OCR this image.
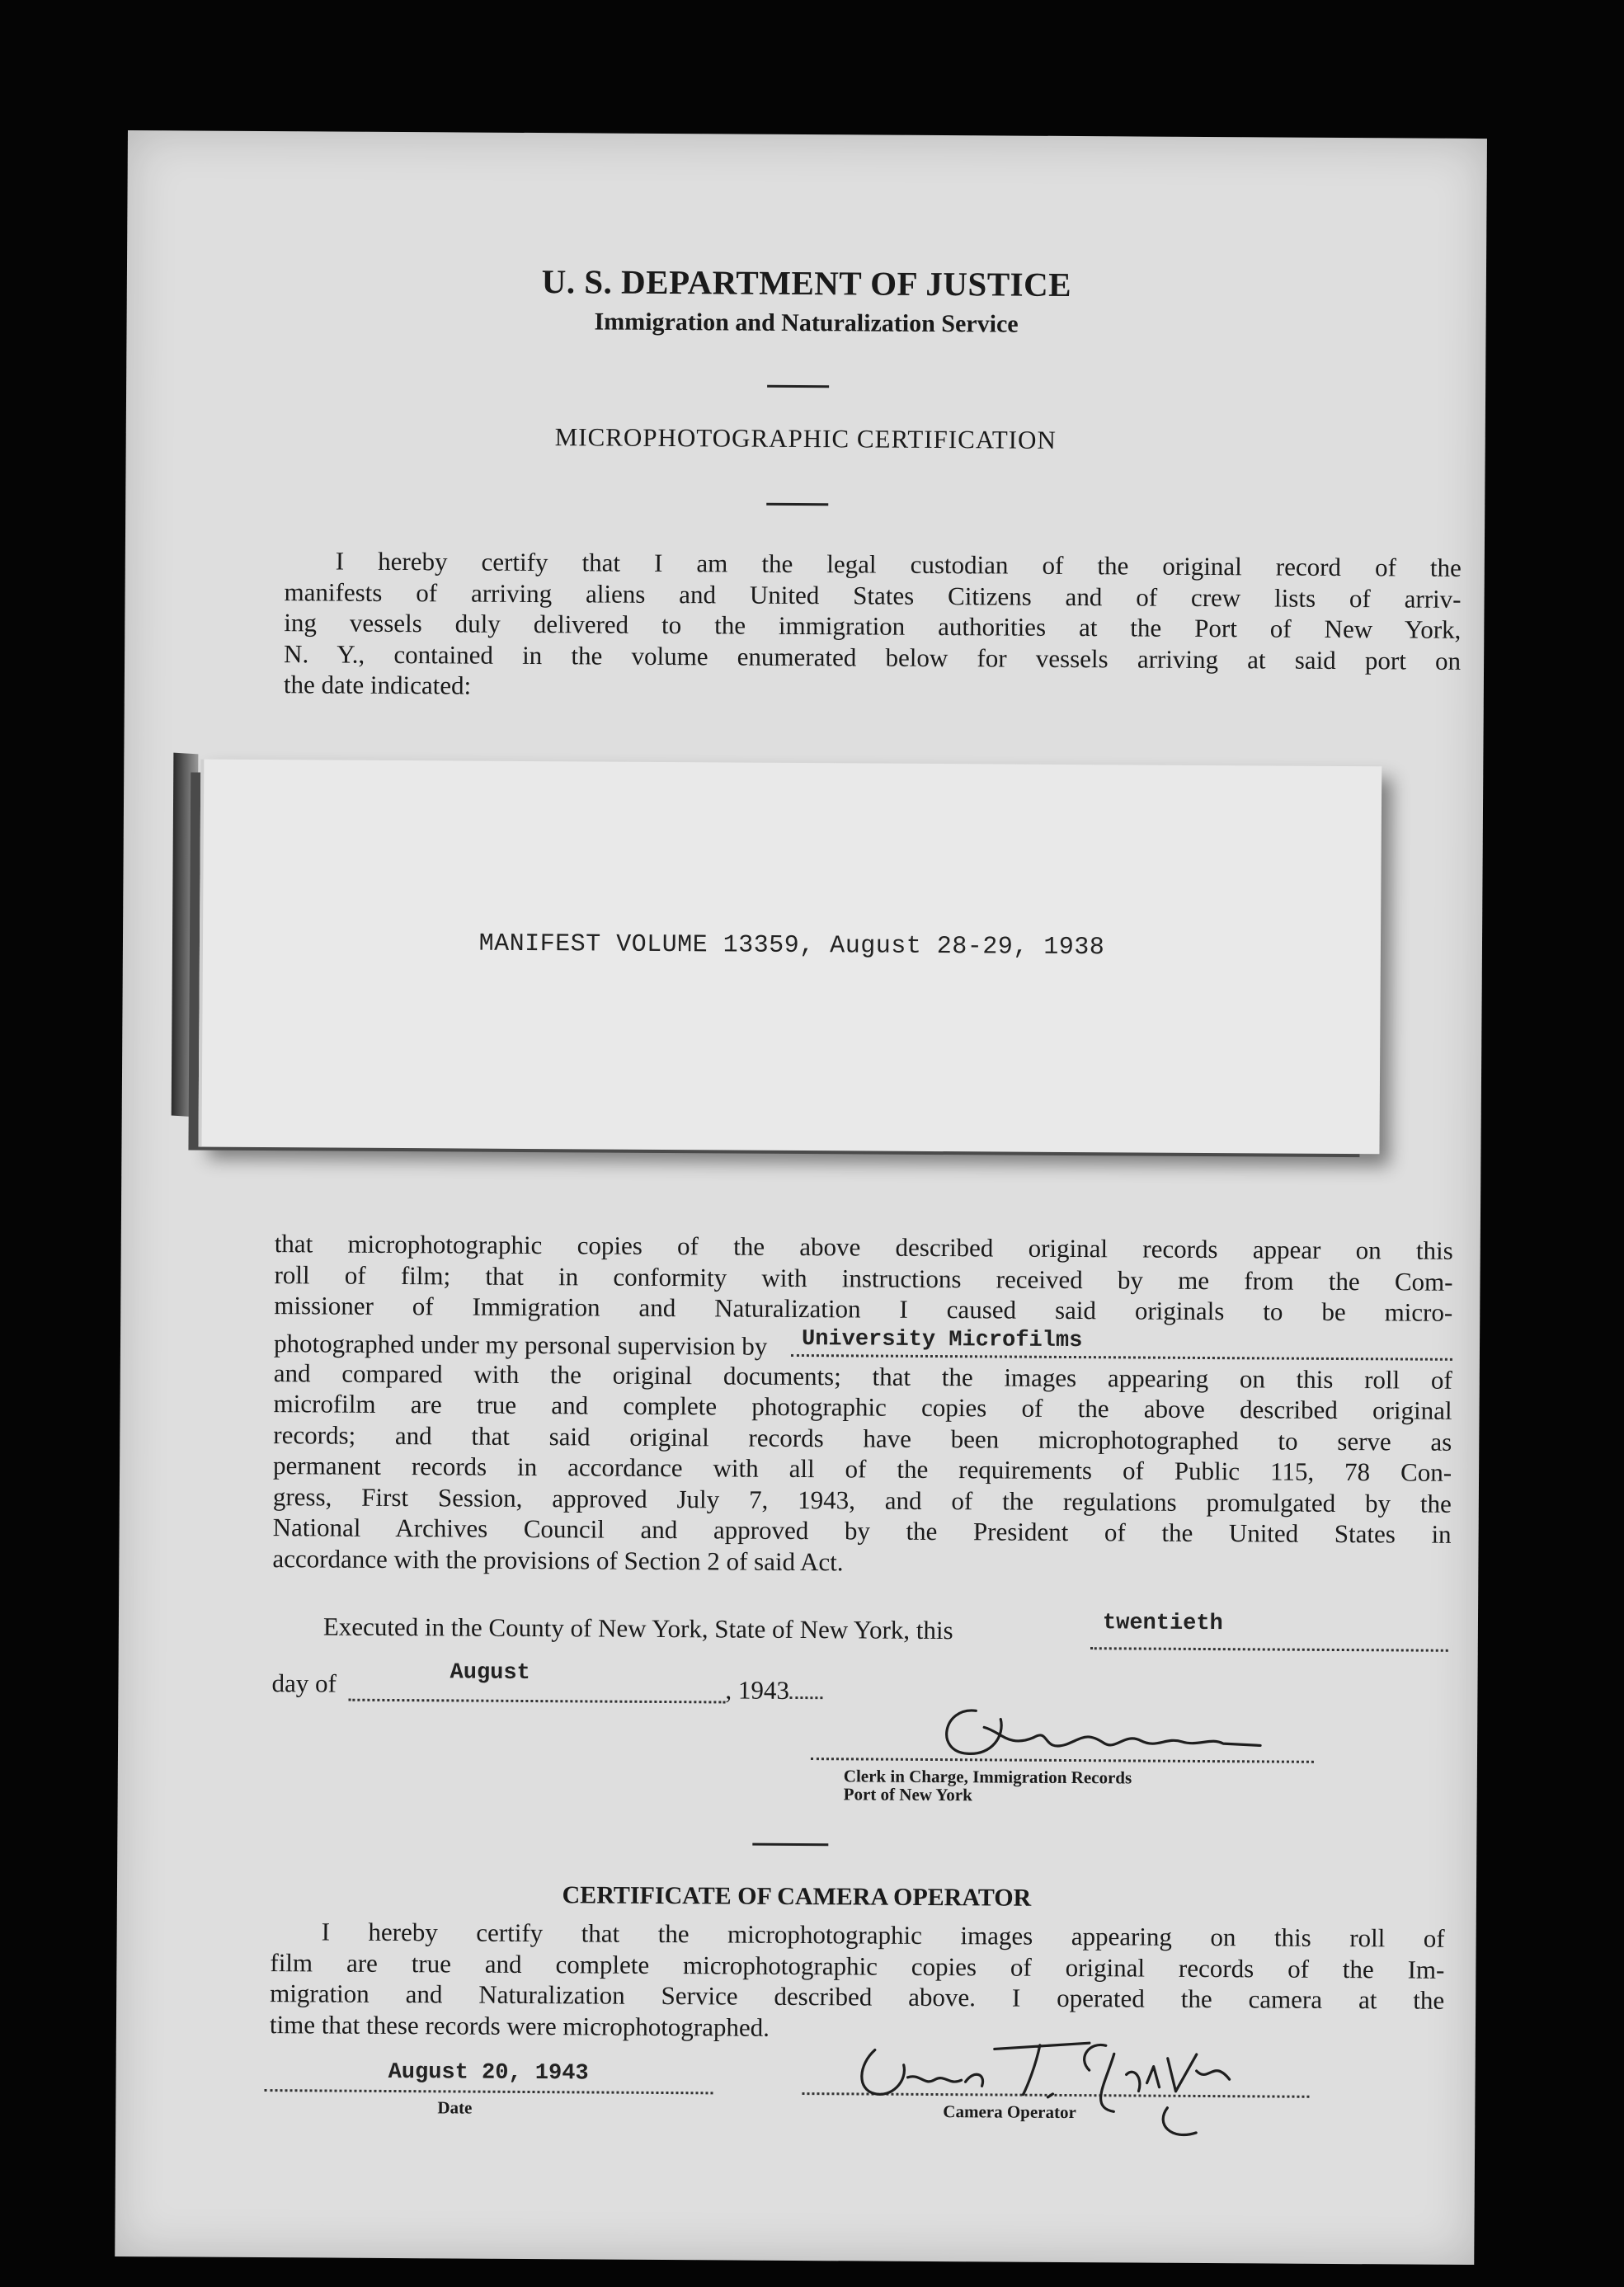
U. S. DEPARTMENT OF JUSTICE
Immigration and Naturalization Service
MICROPHOTOGRAPHIC CERTIFICATION
I hereby certify that I am the legal custodian of the original record of the
manifests of arriving aliens and United States Citizens and of crew lists of arriv-
ing vessels duly delivered to the immigration authorities at the Port of New York,
N. Y., contained in the volume enumerated below for vessels arriving at said port on
the date indicated:
MANIFEST VOLUME 13359, August 28-29, 1938
that microphotographic copies of the above described original records appear on this
roll of film; that in conformity with instructions received by me from the Com-
missioner of Immigration and Naturalization I caused said originals to be micro-
photographed under my personal supervision by University Microfilms
and compared with the original documents; that the images appearing on this roll of
microfilm are true and complete photographic copies of the above described original
records; and that said original records have been microphotographed to serve as
permanent records in accordance with all of the requirements of Public 115, 78 Con-
gress, First Session, approved July 7, 1943, and of the regulations promulgated by the
National Archives Council and approved by the President of the United States in
accordance with the provisions of Section 2 of said Act.
Executed in the County of New York, State of New York, this	twentieth
day of	August
, 1943
Clerk in Charge, Immigration Records
Port of New York
CERTIFICATE OF CAMERA OPERATOR
I hereby certify that the microphotographic images appearing on this roll of
film are true and complete microphotographic copies of original records of the Im-
migration and Naturalization Service described above. I operated the camera at the
time that these records were microphotographed.
August 20, 1943
Date	Camera Operator
